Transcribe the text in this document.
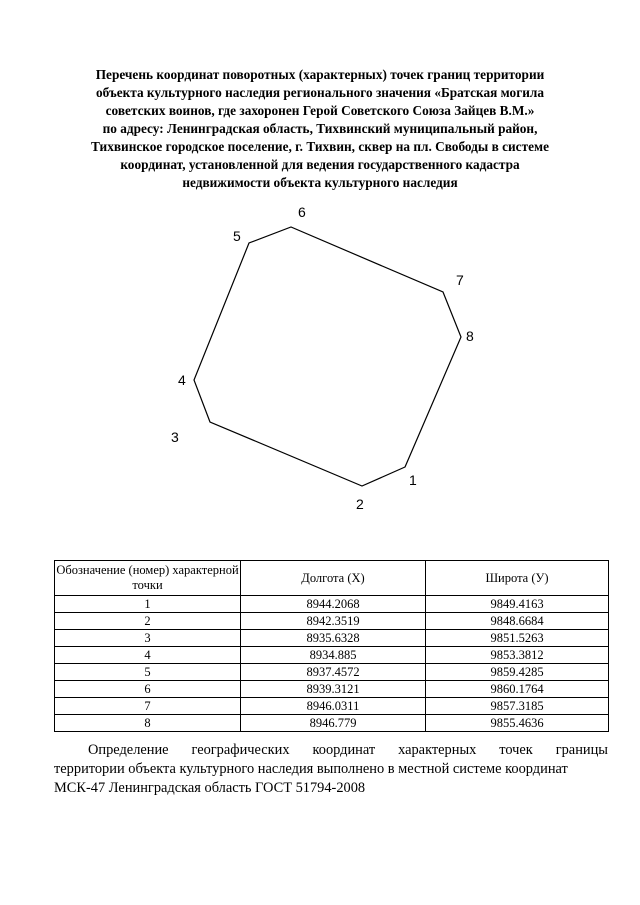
Перечень координат поворотных (характерных) точек границ территории
объекта культурного наследия регионального значения «Братская могила
советских воинов, где захоронен Герой Советского Союза Зайцев В.М.»
по адресу: Ленинградская область, Тихвинский муниципальный район,
Тихвинское городское поселение, г. Тихвин, сквер на пл. Свободы в системе
координат, установленной для ведения государственного кадастра
недвижимости объекта культурного наследия
1
2
3
4
5
6
7
8
Обозначение (номер) характерной точки	Долгота (X)	Широта (У)
1	8944.2068	9849.4163
2	8942.3519	9848.6684
3	8935.6328	9851.5263
4	8934.885	9853.3812
5	8937.4572	9859.4285
6	8939.3121	9860.1764
7	8946.0311	9857.3185
8	8946.779	9855.4636
Определение географических координат характерных точек границы
территории объекта культурного наследия выполнено в местной системе координат
МСК-47 Ленинградская область ГОСТ 51794-2008
